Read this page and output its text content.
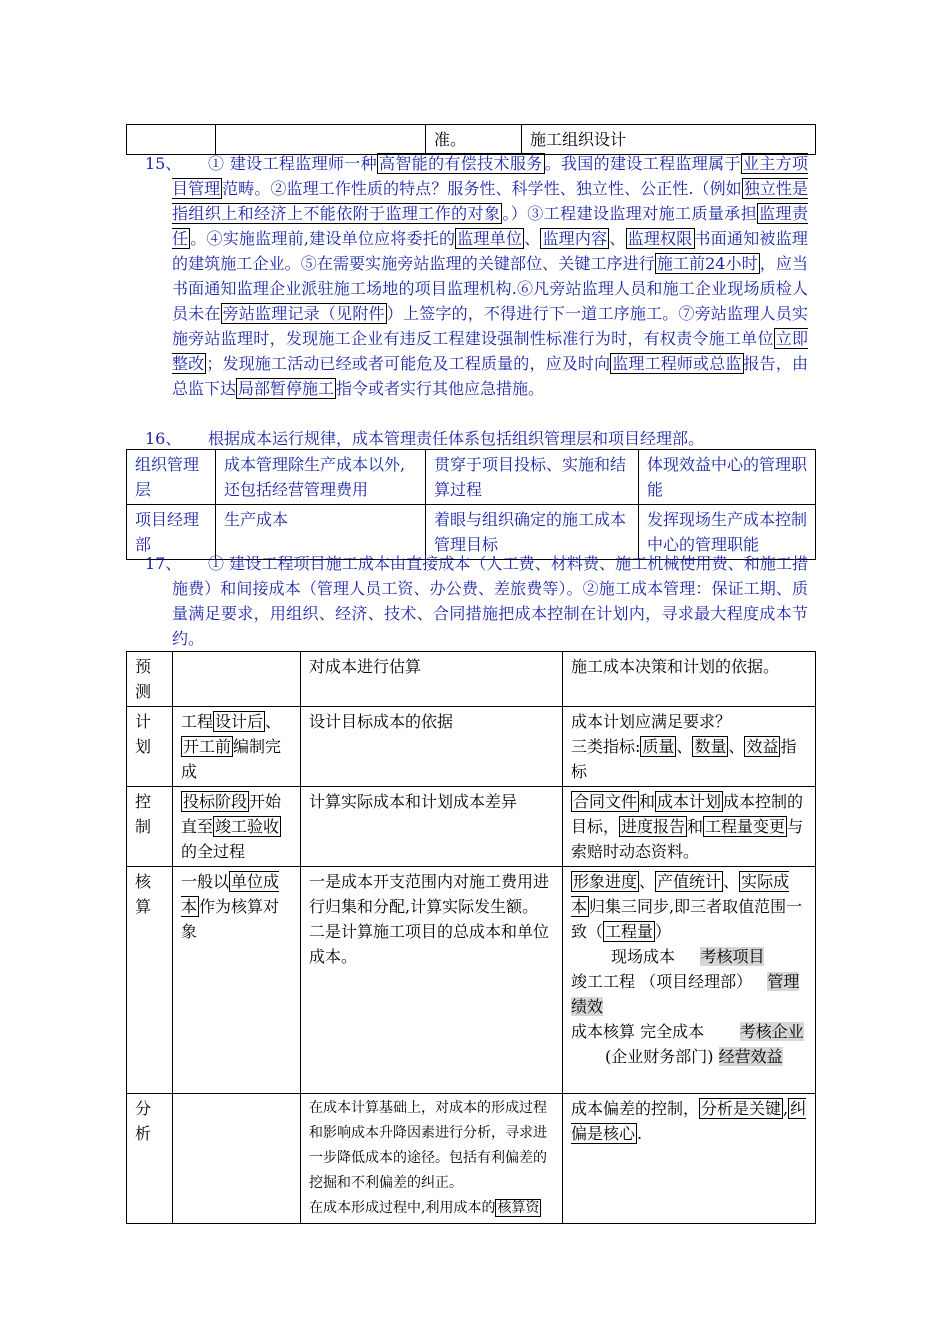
		准。	施工组织设计
15、	① 建设工程监理师一种 高智能的有偿技术服务 。我国的建设工程监理属于 业主方项目管理 范畴。②监理工作性质的特点？服务性、科学性、独立性、公正性.（例如 独立性是指组织上和经济上不能依附于监理工作的对象 。）③工程建设监理对施工质量承担 监理责任 。④实施监理前,建设单位应将委托的 监理单位 、 监理内容 、 监理权限 书面通知被监理的建筑施工企业。⑤在需要实施旁站监理的关键部位、关键工序进行 施工前24小时 ，应当书面通知监理企业派驻施工场地的项目监理机构.⑥凡旁站监理人员和施工企业现场质检人员未在 旁站监理记录（见附件 ）上签字的，不得进行下一道工序施工。⑦旁站监理人员实施旁站监理时，发现施工企业有违反工程建设强制性标准行为时，有权责令施工单位 立即整改 ；发现施工活动已经或者可能危及工程质量的，应及时向 监理工程师或总监 报告，由总监下达 局部暂停施工 指令或者实行其他应急措施。
16、	根据成本运行规律，成本管理责任体系包括组织管理层和项目经理部。
组织管理层	成本管理除生产成本以外,还包括经营管理费用	贯穿于项目投标、实施和结算过程	体现效益中心的管理职能
项目经理部	生产成本	着眼与组织确定的施工成本管理目标	发挥现场生产成本控制中心的管理职能
17、	① 建设工程项目施工成本由直接成本（人工费、材料费、施工机械使用费、和施工措施费）和间接成本（管理人员工资、办公费、差旅费等）。②施工成本管理：保证工期、质量满足要求，用组织、经济、技术、合同措施把成本控制在计划内，寻求最大程度成本节约。
预测		对成本进行估算	施工成本决策和计划的依据。
计划	工程 设计后 、开工前 编制完成	设计目标成本的依据	成本计划应满足要求？
三类指标: 质量 、 数量 、 效益 指标
控制	投标阶段 开始直至 竣工验收的全过程	计算实际成本和计划成本差异	合同文件 和 成本计划 成本控制的目标， 进度报告 和 工程量变更 与索赔时动态资料。
核算	一般以 单位成本 作为核算对象	一是成本开支范围内对施工费用进行归集和分配,计算实际发生额。二是计算施工项目的总成本和单位成本。	形象进度 、 产值统计 、 实际成本 归集三同步,即三者取值范围一致（ 工程量 ）
现场成本 考核项目
竣工工程 （项目经理部） 管理绩效
成本核算 完全成本 考核企业
(企业财务部门) 经营效益

分析		在成本计算基础上，对成本的形成过程和影响成本升降因素进行分析，寻求进一步降低成本的途径。包括有利偏差的挖掘和不利偏差的纠正。
在成本形成过程中,利用成本的 核算资	成本偏差的控制， 分析是关键 , 纠偏是核心 .
